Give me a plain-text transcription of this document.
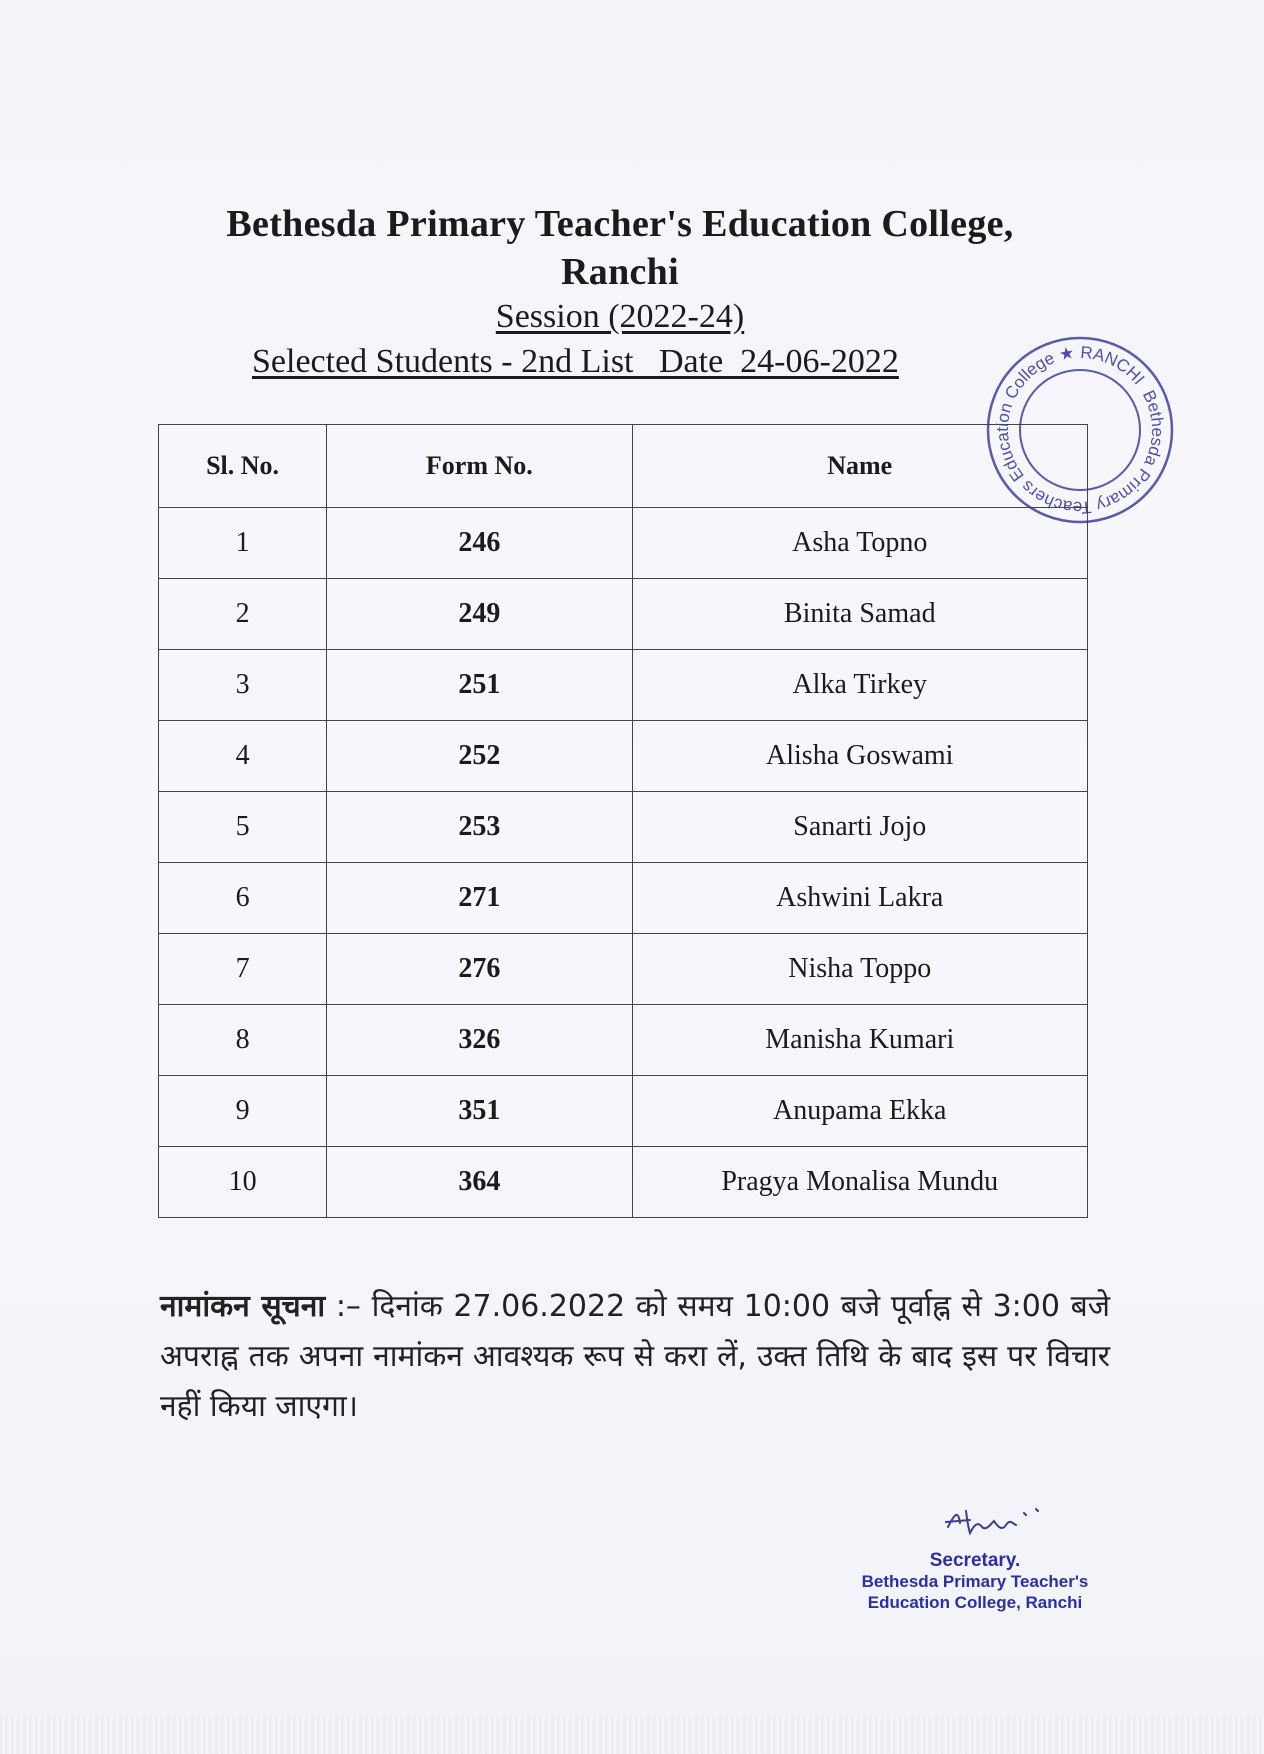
Bethesda Primary Teacher's Education College,
Ranchi
Session (2022-24)
Selected Students - 2nd List   Date  24-06-2022
Bethesda Primary Teachers Education College ★ RANCHI
Sl. No.	Form No.	Name
1	246	Asha Topno
2	249	Binita Samad
3	251	Alka Tirkey
4	252	Alisha Goswami
5	253	Sanarti Jojo
6	271	Ashwini Lakra
7	276	Nisha Toppo
8	326	Manisha Kumari
9	351	Anupama Ekka
10	364	Pragya Monalisa Mundu
नामांकन सूचना :– दिनांक 27.06.2022 को समय 10:00 बजे पूर्वाह्न से 3:00 बजे अपराह्न तक अपना नामांकन आवश्यक रूप से करा लें, उक्त तिथि के बाद इस पर विचार नहीं किया जाएगा।
Secretary.
Bethesda Primary Teacher's
Education College, Ranchi
